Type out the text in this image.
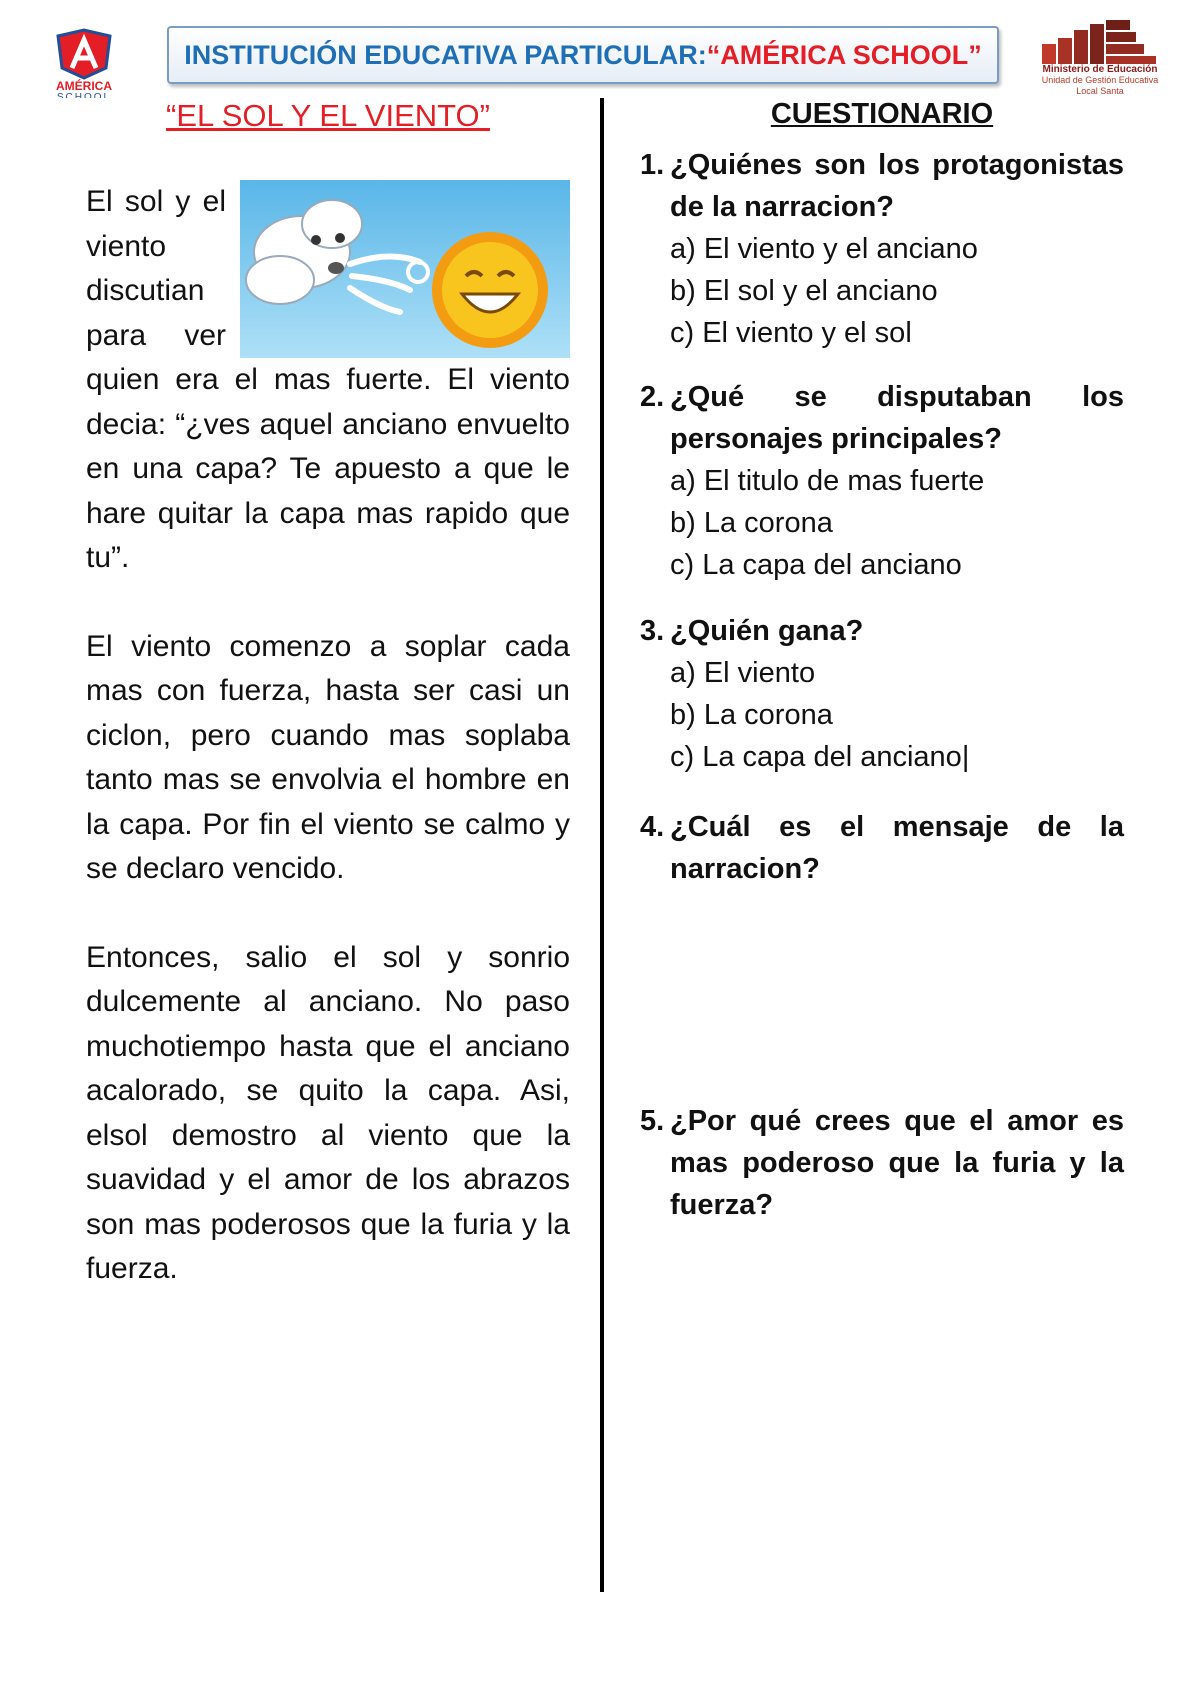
AMÉRICA
SCHOOL
INSTITUCIÓN EDUCATIVA PARTICULAR: “AMÉRICA SCHOOL”	Ministerio de Educación
Unidad de Gestión Educativa
Local Santa
“EL SOL Y EL VIENTO”

El sol y el viento discutian para ver quien era el mas fuerte. El viento decia: “¿ves aquel anciano envuelto en una capa? Te apuesto a que le hare quitar la capa mas rapido que tu”.

El viento comenzo a soplar cada mas con fuerza, hasta ser casi un ciclon, pero cuando mas soplaba tanto mas se envolvia el hombre en la capa. Por fin el viento se calmo y se declaro vencido.

Entonces, salio el sol y sonrio dulcemente al anciano. No paso muchotiempo hasta que el anciano acalorado, se quito la capa. Asi, elsol demostro al viento que la suavidad y el amor de los abrazos son mas poderosos que la furia y la fuerza.

CUESTIONARIO
1. ¿Quiénes son los protagonistas de la narracion?
a) El viento y el anciano
b) El sol y el anciano
c) El viento y el sol
2. ¿Qué se disputaban los personajes principales?
a) El titulo de mas fuerte
b) La corona
c) La capa del anciano
3. ¿Quién gana?
a) El viento
b) La corona
c) La capa del anciano|
4. ¿Cuál es el mensaje de la narracion?
5. ¿Por qué crees que el amor es mas poderoso que la furia y la fuerza?
